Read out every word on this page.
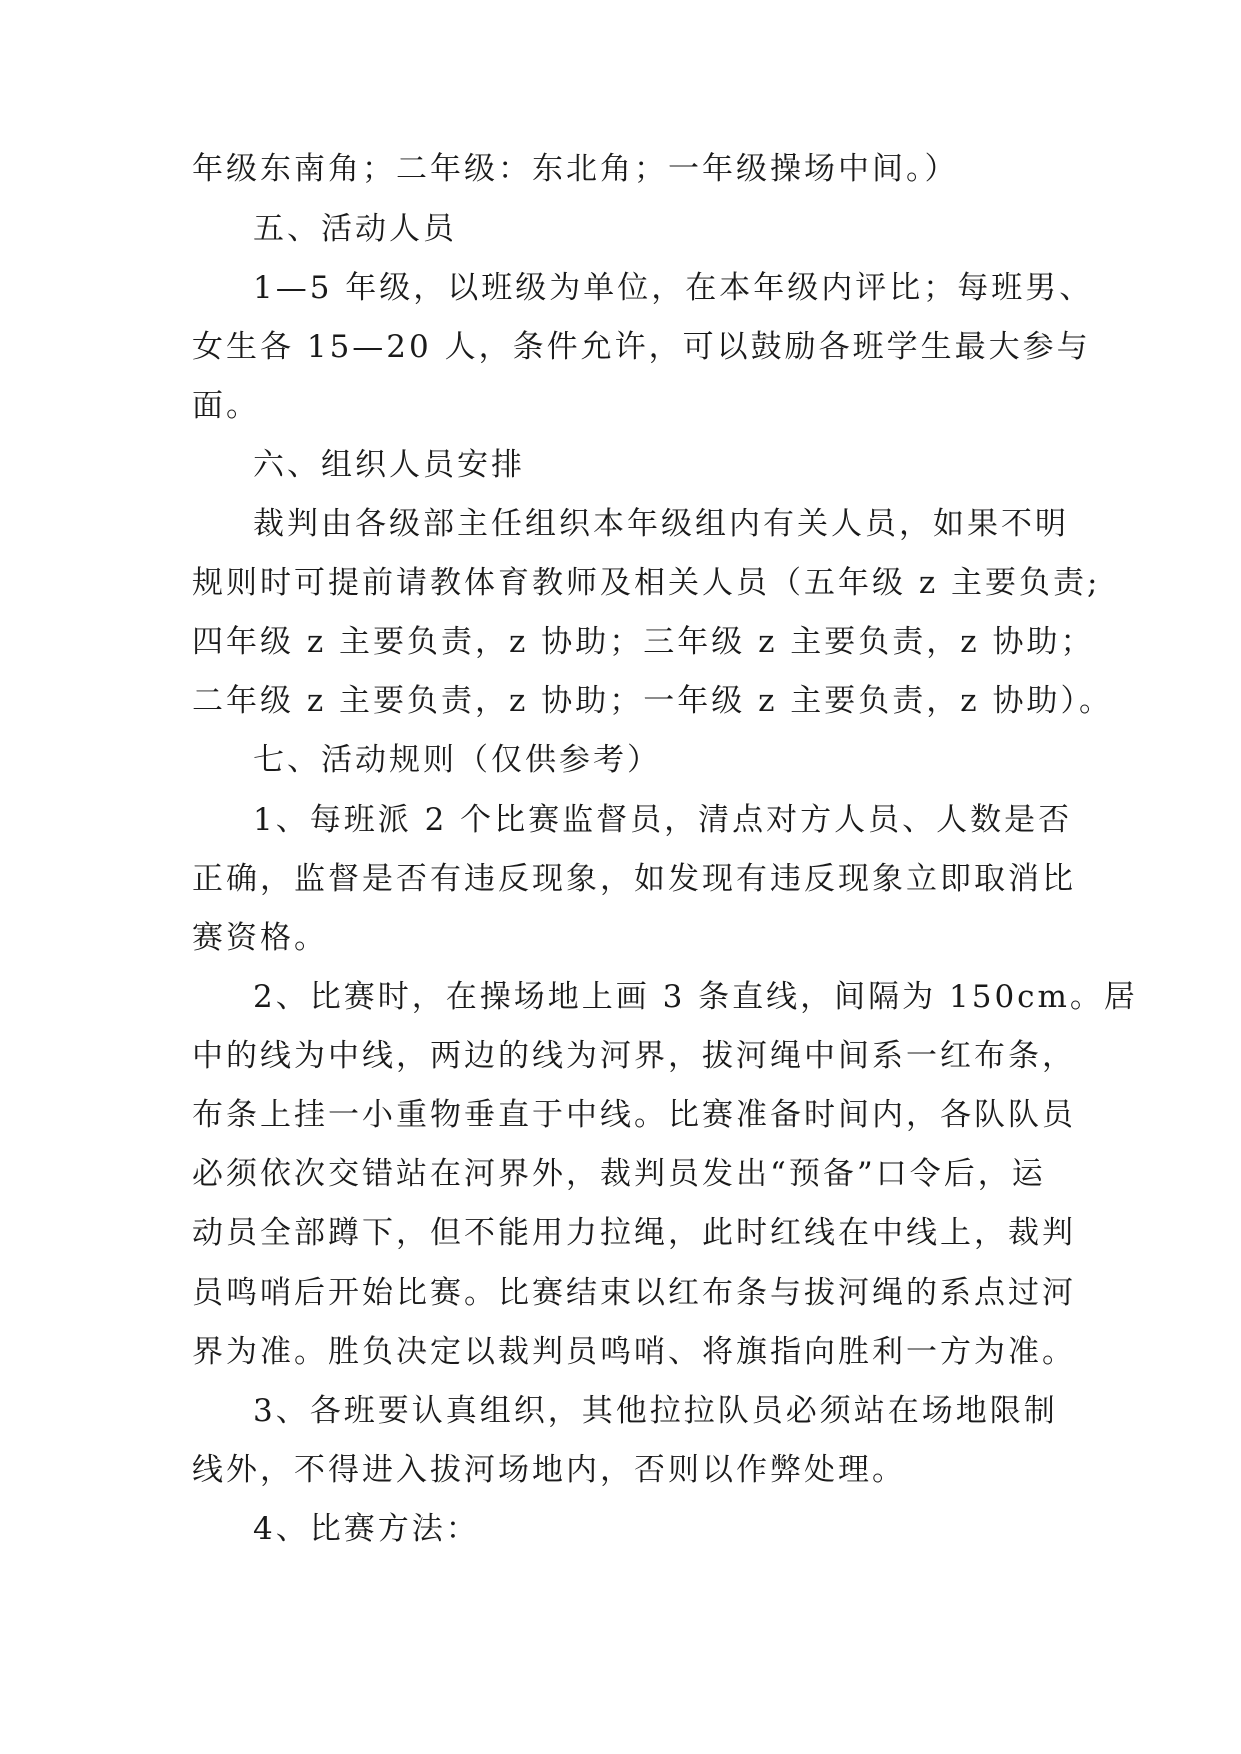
年级东南角；二年级：东北角；一年级操场中间。）
五、活动人员
1—5 年级，以班级为单位，在本年级内评比；每班男、
女生各 15—20 人，条件允许，可以鼓励各班学生最大参与
面。
六、组织人员安排
裁判由各级部主任组织本年级组内有关人员，如果不明
规则时可提前请教体育教师及相关人员（五年级 z 主要负责;
四年级 z 主要负责，z 协助；三年级 z 主要负责，z 协助；
二年级 z 主要负责，z 协助；一年级 z 主要负责，z 协助）。
七、活动规则（仅供参考）
1、每班派 2 个比赛监督员，清点对方人员、人数是否
正确，监督是否有违反现象，如发现有违反现象立即取消比
赛资格。
2、比赛时，在操场地上画 3 条直线，间隔为 150cm。居
中的线为中线，两边的线为河界，拔河绳中间系一红布条，
布条上挂一小重物垂直于中线。比赛准备时间内，各队队员
必须依次交错站在河界外，裁判员发出“预备”口令后，运
动员全部蹲下，但不能用力拉绳，此时红线在中线上，裁判
员鸣哨后开始比赛。比赛结束以红布条与拔河绳的系点过河
界为准。胜负决定以裁判员鸣哨、将旗指向胜利一方为准。
3、各班要认真组织，其他拉拉队员必须站在场地限制
线外，不得进入拔河场地内，否则以作弊处理。
4、比赛方法：
